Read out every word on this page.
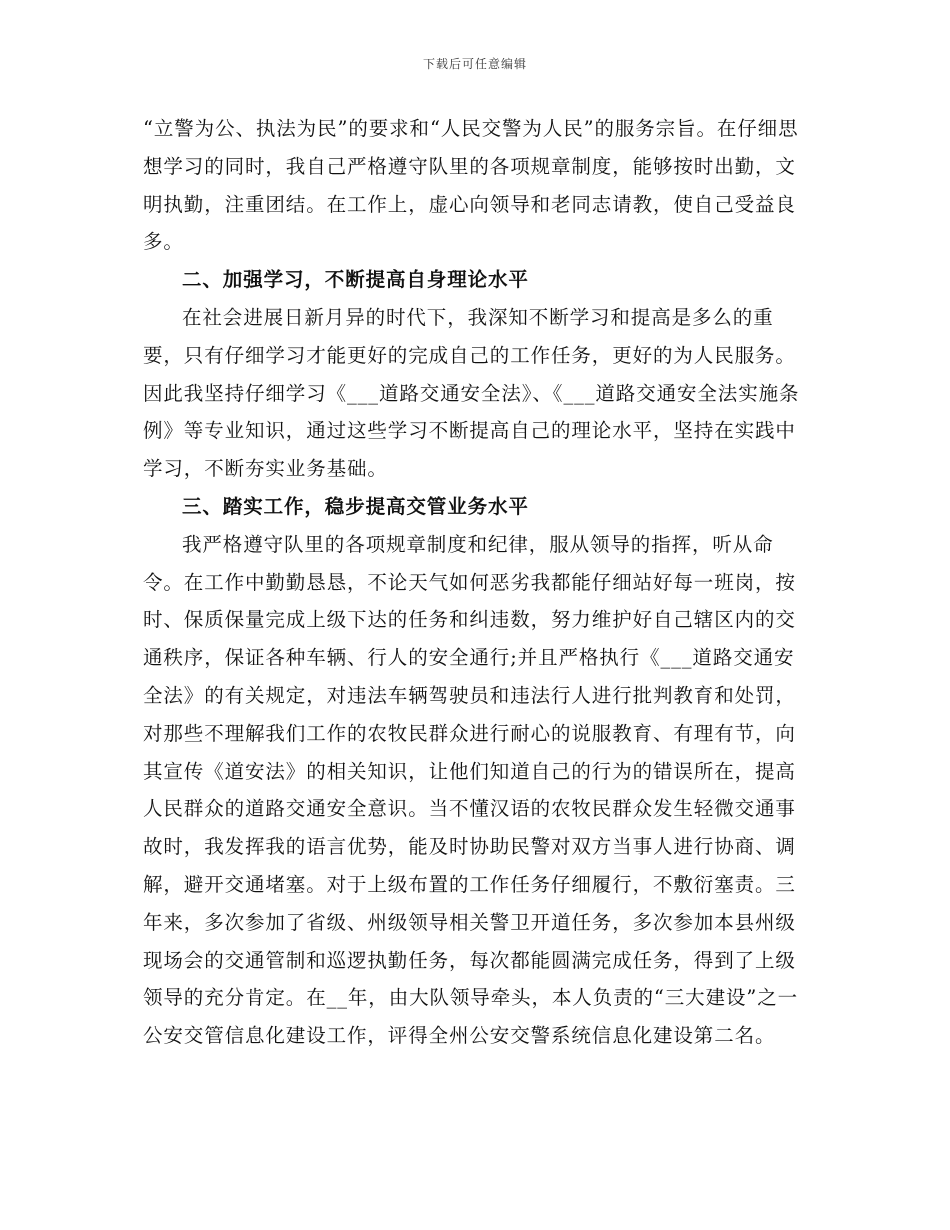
下载后可任意编辑

“立警为公、执法为民”的要求和“人民交警为人民”的服务宗旨。在仔细思想学习的同时，我自己严格遵守队里的各项规章制度，能够按时出勤，文明执勤，注重团结。在工作上，虚心向领导和老同志请教，使自己受益良多。

二、加强学习，不断提高自身理论水平

在社会进展日新月异的时代下，我深知不断学习和提高是多么的重要，只有仔细学习才能更好的完成自己的工作任务，更好的为人民服务。因此我坚持仔细学习《___道路交通安全法》、《___道路交通安全法实施条例》等专业知识，通过这些学习不断提高自己的理论水平，坚持在实践中学习，不断夯实业务基础。

三、踏实工作，稳步提高交管业务水平

我严格遵守队里的各项规章制度和纪律，服从领导的指挥，听从命令。在工作中勤勤恳恳，不论天气如何恶劣我都能仔细站好每一班岗，按时、保质保量完成上级下达的任务和纠违数，努力维护好自己辖区内的交通秩序，保证各种车辆、行人的安全通行;并且严格执行《___道路交通安全法》的有关规定，对违法车辆驾驶员和违法行人进行批判教育和处罚，对那些不理解我们工作的农牧民群众进行耐心的说服教育、有理有节，向其宣传《道安法》的相关知识，让他们知道自己的行为的错误所在，提高人民群众的道路交通安全意识。当不懂汉语的农牧民群众发生轻微交通事故时，我发挥我的语言优势，能及时协助民警对双方当事人进行协商、调解，避开交通堵塞。对于上级布置的工作任务仔细履行，不敷衍塞责。三年来，多次参加了省级、州级领导相关警卫开道任务，多次参加本县州级现场会的交通管制和巡逻执勤任务，每次都能圆满完成任务，得到了上级领导的充分肯定。在__年，由大队领导牵头，本人负责的“三大建设”之一公安交管信息化建设工作，评得全州公安交警系统信息化建设第二名。
